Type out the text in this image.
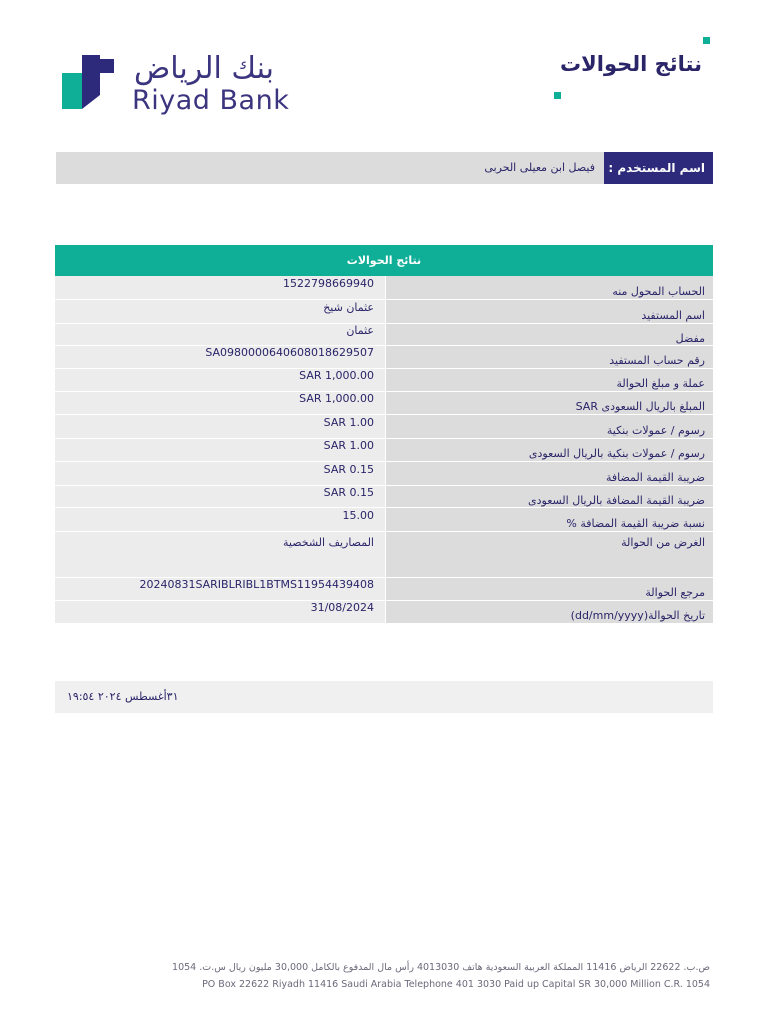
بنك الرياض
Riyad Bank
نتائج الحوالات
اسم المستخدم :
فيصل ابن معيلى الحربى
نتائج الحوالات
الحساب المحول منه
1522798669940
اسم المستفيد
عثمان شيخ
مفضل
عثمان
رقم حساب المستفيد
SA0980000640608018629507
عملة و مبلغ الحوالة
SAR 1,000.00
المبلغ بالريال السعودى SAR
SAR 1,000.00
رسوم / عمولات بنكية
SAR 1.00
رسوم / عمولات بنكية بالريال السعودى
SAR 1.00
ضريبة القيمة المضافة
SAR 0.15
ضريبة القيمة المضافة بالريال السعودى
SAR 0.15
نسبة ضريبة القيمة المضافة %
15.00
الغرض من الحوالة
المصاريف الشخصية
مرجع الحوالة
20240831SARIBLRIBL1BTMS11954439408
تاريخ الحوالة(dd/mm/yyyy)
31/08/2024
٣١أغسطس ٢٠٢٤ ١٩:٥٤
ص.ب. 22622 الرياض 11416 المملكة العربية السعودية هاتف 4013030 رأس مال المدفوع بالكامل 30,000 مليون ريال س.ت. 1054
PO Box 22622 Riyadh 11416 Saudi Arabia Telephone 401 3030 Paid up Capital SR 30,000 Million C.R. 1054
